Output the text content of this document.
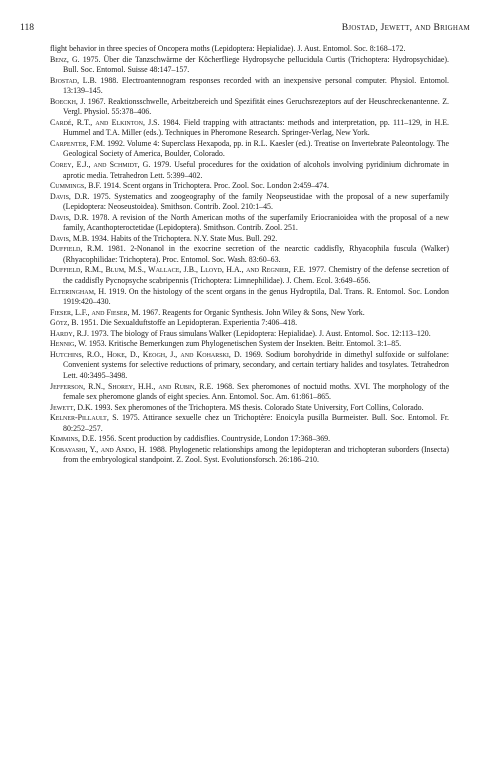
118	Bjostad, Jewett, and Brigham

flight behavior in three species of Oncopera moths (Lepidoptera: Hepialidae). J. Aust. Entomol. Soc. 8:168–172.

Benz, G. 1975. Über die Tanzschwärme der Köcherfliege Hydropsyche pellucidula Curtis (Trichoptera: Hydropsychidae). Bull. Soc. Entomol. Suisse 48:147–157.

Bjostad, L.B. 1988. Electroantennogram responses recorded with an inexpensive personal computer. Physiol. Entomol. 13:139–145.

Boeckh, J. 1967. Reaktionsschwelle, Arbeitzbereich und Spezifität eines Geruchsrezeptors auf der Heuschreckenantenne. Z. Vergl. Physiol. 55:378–406.

Cardé, R.T., and Elkinton, J.S. 1984. Field trapping with attractants: methods and interpretation, pp. 111–129, in H.E. Hummel and T.A. Miller (eds.). Techniques in Pheromone Research. Springer-Verlag, New York.

Carpenter, F.M. 1992. Volume 4: Superclass Hexapoda, pp. in R.L. Kaesler (ed.). Treatise on Invertebrate Paleontology. The Geological Society of America, Boulder, Colorado.

Corey, E.J., and Schmidt, G. 1979. Useful procedures for the oxidation of alcohols involving pyridinium dichromate in aprotic media. Tetrahedron Lett. 5:399–402.

Cummings, B.F. 1914. Scent organs in Trichoptera. Proc. Zool. Soc. London 2:459–474.

Davis, D.R. 1975. Systematics and zoogeography of the family Neopseustidae with the proposal of a new superfamily (Lepidoptera: Neoseustoidea). Smithson. Contrib. Zool. 210:1–45.

Davis, D.R. 1978. A revision of the North American moths of the superfamily Eriocranioidea with the proposal of a new family, Acanthopteroctetidae (Lepidoptera). Smithson. Contrib. Zool. 251.

Davis, M.B. 1934. Habits of the Trichoptera. N.Y. State Mus. Bull. 292.

Duffield, R.M. 1981. 2-Nonanol in the exocrine secretion of the nearctic caddisfly, Rhyacophila fuscula (Walker) (Rhyacophilidae: Trichoptera). Proc. Entomol. Soc. Wash. 83:60–63.

Duffield, R.M., Blum, M.S., Wallace, J.B., Lloyd, H.A., and Regnier, F.E. 1977. Chemistry of the defense secretion of the caddisfly Pycnopsyche scabripennis (Trichoptera: Limnephilidae). J. Chem. Ecol. 3:649–656.

Elteringham, H. 1919. On the histology of the scent organs in the genus Hydroptila, Dal. Trans. R. Entomol. Soc. London 1919:420–430.

Fieser, L.F., and Fieser, M. 1967. Reagents for Organic Synthesis. John Wiley & Sons, New York.

Götz, B. 1951. Die Sexualduftstoffe an Lepidopteran. Experientia 7:406–418.

Hardy, R.J. 1973. The biology of Fraus simulans Walker (Lepidoptera: Hepialidae). J. Aust. Entomol. Soc. 12:113–120.

Hennig, W. 1953. Kritische Bemerkungen zum Phylogenetischen System der Insekten. Beitr. Entomol. 3:1–85.

Hutchins, R.O., Hoke, D., Keogh, J., and Koharski, D. 1969. Sodium borohydride in dimethyl sulfoxide or sulfolane: Convenient systems for selective reductions of primary, secondary, and certain tertiary halides and tosylates. Tetrahedron Lett. 40:3495–3498.

Jefferson, R.N., Shorey, H.H., and Rubin, R.E. 1968. Sex pheromones of noctuid moths. XVI. The morphology of the female sex pheromone glands of eight species. Ann. Entomol. Soc. Am. 61:861–865.

Jewett, D.K. 1993. Sex pheromones of the Trichoptera. MS thesis. Colorado State University, Fort Collins, Colorado.

Kelner-Pillault, S. 1975. Attirance sexuelle chez un Trichoptère: Enoicyla pusilla Burmeister. Bull. Soc. Entomol. Fr. 80:252–257.

Kimmins, D.E. 1956. Scent production by caddisflies. Countryside, London 17:368–369.

Kobayashi, Y., and Ando, H. 1988. Phylogenetic relationships among the lepidopteran and trichopteran suborders (Insecta) from the embryological standpoint. Z. Zool. Syst. Evolutionsforsch. 26:186–210.
